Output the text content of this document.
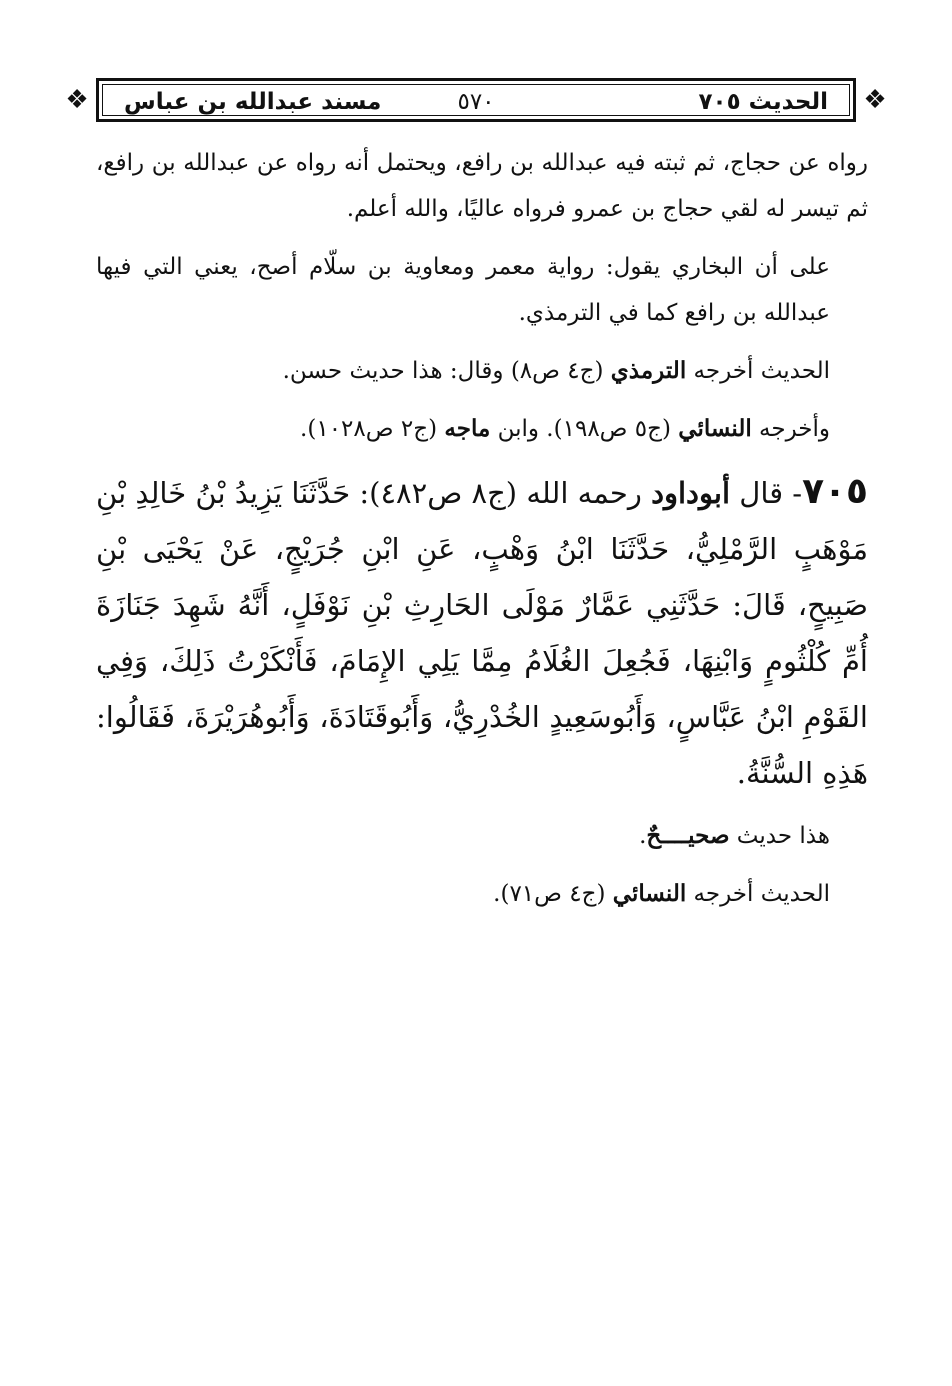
❖
❖	الحديث ٧٠٥
٥٧٠
مسند عبدالله بن عباس

رواه عن حجاج، ثم ثبته فيه عبدالله بن رافع، ويحتمل أنه رواه عن عبدالله بن رافع، ثم تيسر له لقي حجاج بن عمرو فرواه عاليًا، والله أعلم.

على أن البخاري يقول: رواية معمر ومعاوية بن سلّام أصح، يعني التي فيها عبدالله بن رافع كما في الترمذي.

الحديث أخرجه الترمذي (ج٤ ص٨) وقال: هذا حديث حسن.

وأخرجه النسائي (ج٥ ص١٩٨). وابن ماجه (ج٢ ص١٠٢٨).

٧٠٥- قال أبوداود رحمه الله (ج٨ ص٤٨٢): حَدَّثَنَا يَزِيدُ بْنُ خَالِدِ بْنِ مَوْهَبٍ الرَّمْلِيُّ، حَدَّثَنَا ابْنُ وَهْبٍ، عَنِ ابْنِ جُرَيْجٍ، عَنْ يَحْيَى بْنِ صَبِيحٍ، قَالَ: حَدَّثَنِي عَمَّارٌ مَوْلَى الحَارِثِ بْنِ نَوْفَلٍ، أَنَّهُ شَهِدَ جَنَازَةَ أُمِّ كُلْثُومٍ وَابْنِهَا، فَجُعِلَ الغُلَامُ مِمَّا يَلِي الإِمَامَ، فَأَنْكَرْتُ ذَلِكَ، وَفِي القَوْمِ ابْنُ عَبَّاسٍ، وَأَبُوسَعِيدٍ الخُدْرِيُّ، وَأَبُوقَتَادَةَ، وَأَبُوهُرَيْرَةَ، فَقَالُوا: هَذِهِ السُّنَّةُ.

هذا حديث صحيــــحٌ.

الحديث أخرجه النسائي (ج٤ ص٧١).
